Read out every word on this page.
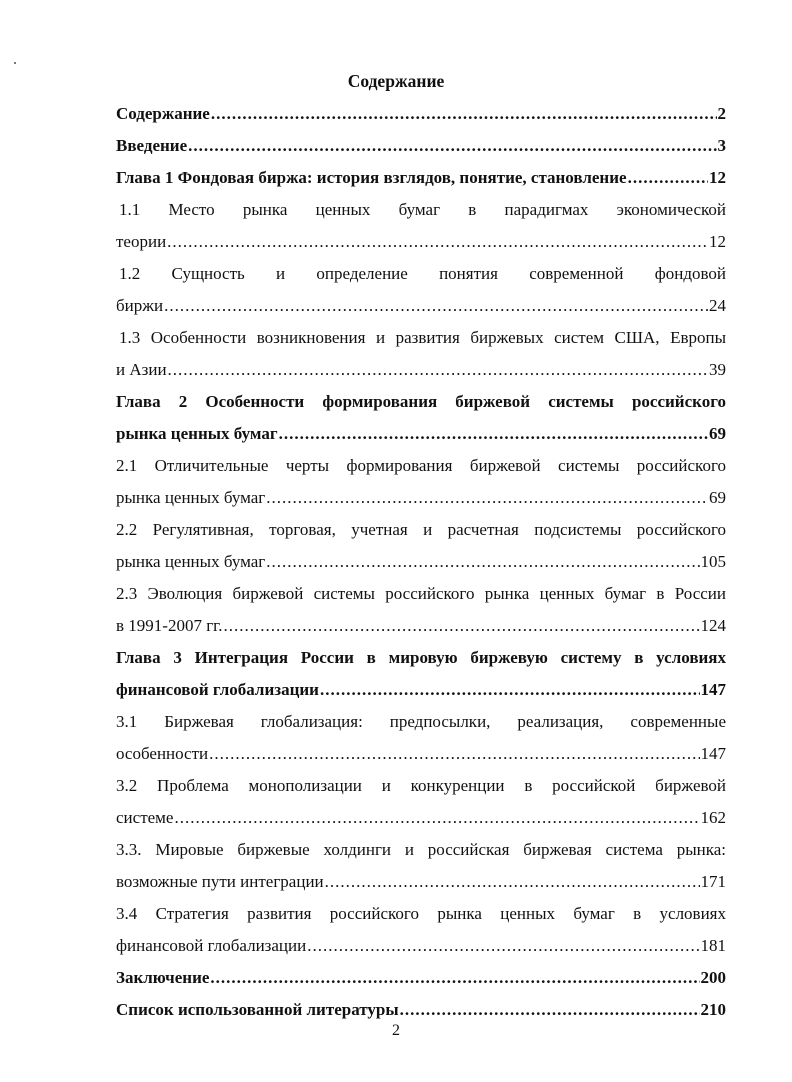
Содержание
Содержание .....	2
Введение .....	3
Глава 1 Фондовая биржа: история взглядов, понятие, становление .....	12
1.1 Место рынка ценных бумаг в парадигмах экономической
теории .....	12
1.2 Сущность и определение понятия современной фондовой
биржи .....	24
1.3 Особенности возникновения и развития биржевых систем США, Европы
и Азии .....	39
Глава 2 Особенности формирования биржевой системы российского
рынка ценных бумаг .....	69
2.1 Отличительные черты формирования биржевой системы российского
рынка ценных бумаг .....	69
2.2 Регулятивная, торговая, учетная и расчетная подсистемы российского
рынка ценных бумаг .....	105
2.3 Эволюция биржевой системы российского рынка ценных бумаг в России
в 1991-2007 гг. .....	124
Глава 3 Интеграция России в мировую биржевую систему в условиях
финансовой глобализации .....	147
3.1 Биржевая глобализация: предпосылки, реализация, современные
особенности .....	147
3.2 Проблема монополизации и конкуренции в российской биржевой
системе .....	162
3.3. Мировые биржевые холдинги и российская биржевая система рынка:
возможные пути интеграции .....	171
3.4 Стратегия развития российского рынка ценных бумаг в условиях
финансовой глобализации .....	181
Заключение .....	200
Список использованной литературы .....	210
2
